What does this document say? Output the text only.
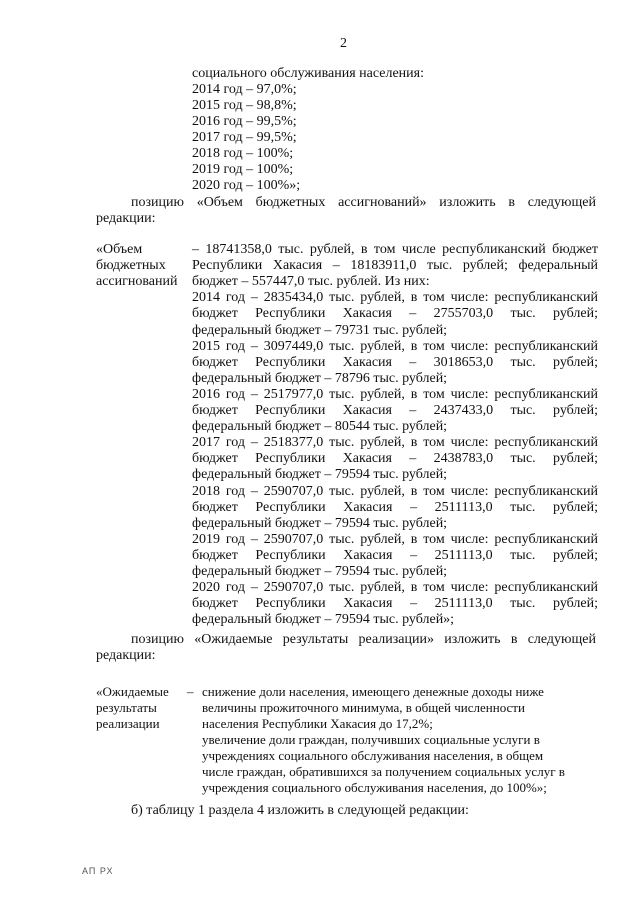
2
социального обслуживания населения:
2014 год – 97,0%;
2015 год – 98,8%;
2016 год – 99,5%;
2017 год – 99,5%;
2018 год – 100%;
2019 год – 100%;
2020 год – 100%»;
позицию «Объем бюджетных ассигнований» изложить в следующей
редакции:
«Объем
бюджетных
ассигнований
– 18741358,0 тыс. рублей, в том числе республиканский бюджет
Республики Хакасия – 18183911,0 тыс. рублей; федеральный
бюджет – 557447,0 тыс. рублей. Из них:
2014 год – 2835434,0 тыс. рублей, в том числе: республиканский
бюджет Республики Хакасия – 2755703,0 тыс. рублей;
федеральный бюджет – 79731 тыс. рублей;
2015 год – 3097449,0 тыс. рублей, в том числе: республиканский
бюджет Республики Хакасия – 3018653,0 тыс. рублей;
федеральный бюджет – 78796 тыс. рублей;
2016 год – 2517977,0 тыс. рублей, в том числе: республиканский
бюджет Республики Хакасия – 2437433,0 тыс. рублей;
федеральный бюджет – 80544 тыс. рублей;
2017 год – 2518377,0 тыс. рублей, в том числе: республиканский
бюджет Республики Хакасия – 2438783,0 тыс. рублей;
федеральный бюджет – 79594 тыс. рублей;
2018 год – 2590707,0 тыс. рублей, в том числе: республиканский
бюджет Республики Хакасия – 2511113,0 тыс. рублей;
федеральный бюджет – 79594 тыс. рублей;
2019 год – 2590707,0 тыс. рублей, в том числе: республиканский
бюджет Республики Хакасия – 2511113,0 тыс. рублей;
федеральный бюджет – 79594 тыс. рублей;
2020 год – 2590707,0 тыс. рублей, в том числе: республиканский
бюджет Республики Хакасия – 2511113,0 тыс. рублей;
федеральный бюджет – 79594 тыс. рублей»;
позицию «Ожидаемые результаты реализации» изложить в следующей
редакции:
«Ожидаемые
результаты
реализации
– снижение доли населения, имеющего денежные доходы ниже
величины прожиточного минимума, в общей численности
населения Республики Хакасия до 17,2%;
увеличение доли граждан, получивших социальные услуги в
учреждениях социального обслуживания населения, в общем
числе граждан, обратившихся за получением социальных услуг в
учреждения социального обслуживания населения, до 100%»;
б) таблицу 1 раздела 4 изложить в следующей редакции:
АП РХ
